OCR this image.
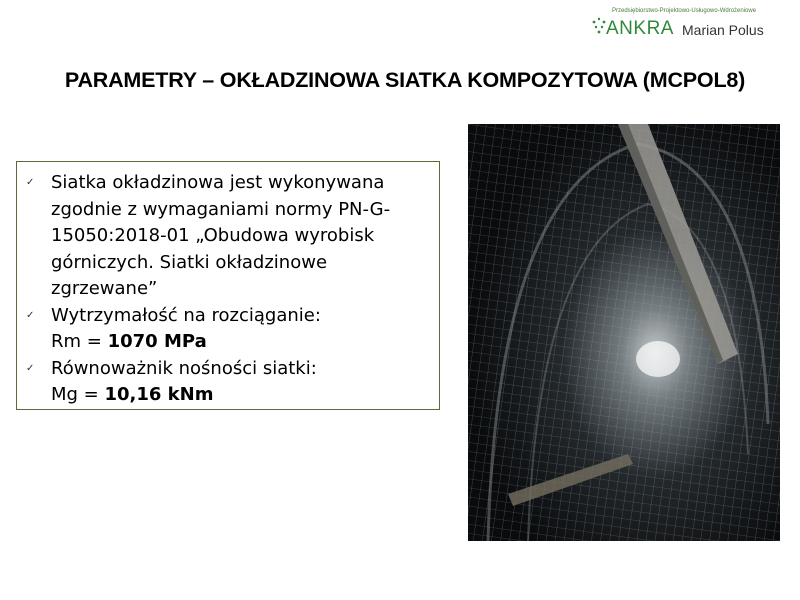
Przedsiębiorstwo-Projektowo-Usługowo-Wdrożeniowe
ANKRA Marian Polus
PARAMETRY – OKŁADZINOWA SIATKA KOMPOZYTOWA (MCPOL8)
✓ Siatka okładzinowa jest wykonywana zgodnie z wymaganiami normy PN-G-15050:2018-01 „Obudowa wyrobisk górniczych. Siatki okładzinowe zgrzewane”
✓ Wytrzymałość na rozciąganie:
Rm = 1070 MPa
✓ Równoważnik nośności siatki:
Mg = 10,16 kNm
